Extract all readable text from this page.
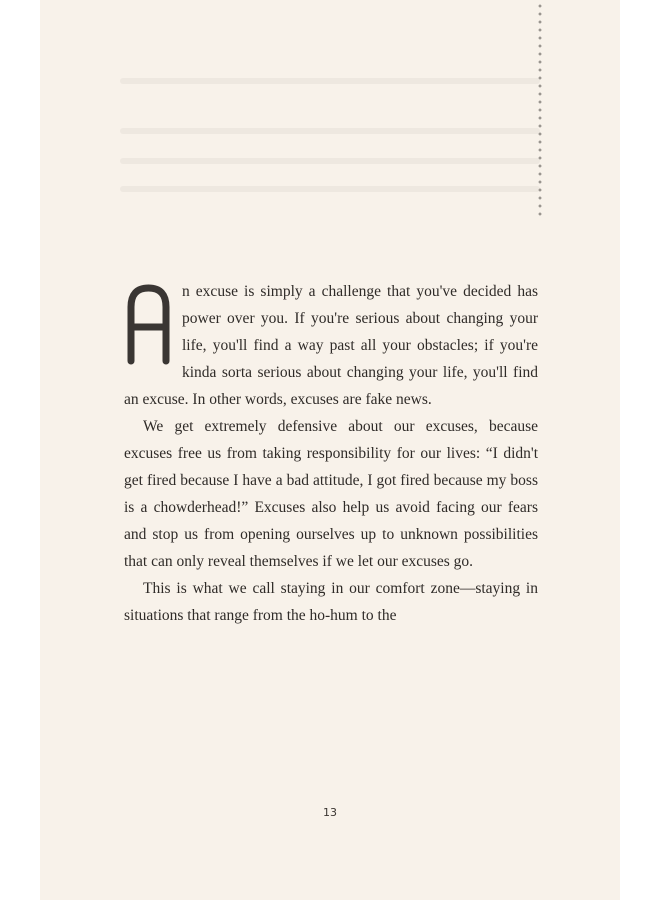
n excuse is simply a challenge that you've decided has power over you. If you're serious about changing your life, you'll find a way past all your obstacles; if you're kinda sorta serious about changing your life, you'll find an excuse. In other words, excuses are fake news.

We get extremely defensive about our excuses, because excuses free us from taking responsibility for our lives: “I didn't get fired because I have a bad attitude, I got fired because my boss is a chowderhead!” Excuses also help us avoid facing our fears and stop us from opening ourselves up to unknown possibilities that can only reveal themselves if we let our excuses go.

This is what we call staying in our comfort zone—staying in situations that range from the ho-hum to the

13
